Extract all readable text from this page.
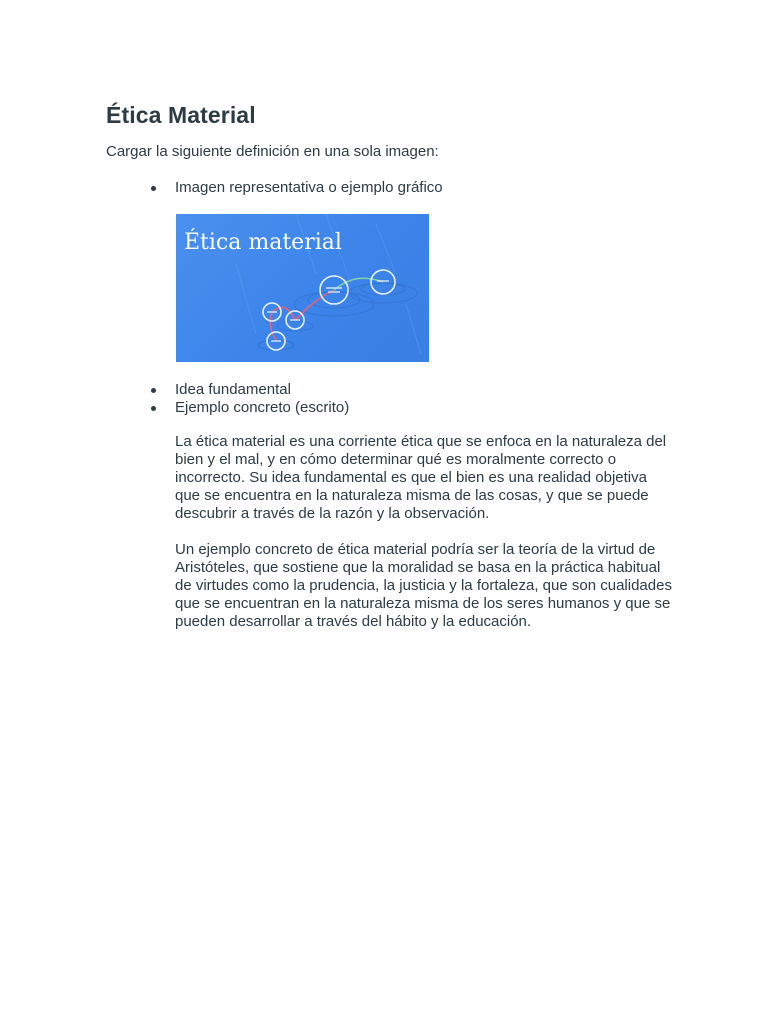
Ética Material

Cargar la siguiente definición en una sola imagen:

Imagen representativa o ejemplo gráfico
Ética material
Idea fundamental
Ejemplo concreto (escrito)

La ética material es una corriente ética que se enfoca en la naturaleza del bien y el mal, y en cómo determinar qué es moralmente correcto o incorrecto. Su idea fundamental es que el bien es una realidad objetiva que se encuentra en la naturaleza misma de las cosas, y que se puede descubrir a través de la razón y la observación.

Un ejemplo concreto de ética material podría ser la teoría de la virtud de Aristóteles, que sostiene que la moralidad se basa en la práctica habitual de virtudes como la prudencia, la justicia y la fortaleza, que son cualidades que se encuentran en la naturaleza misma de los seres humanos y que se pueden desarrollar a través del hábito y la educación.
